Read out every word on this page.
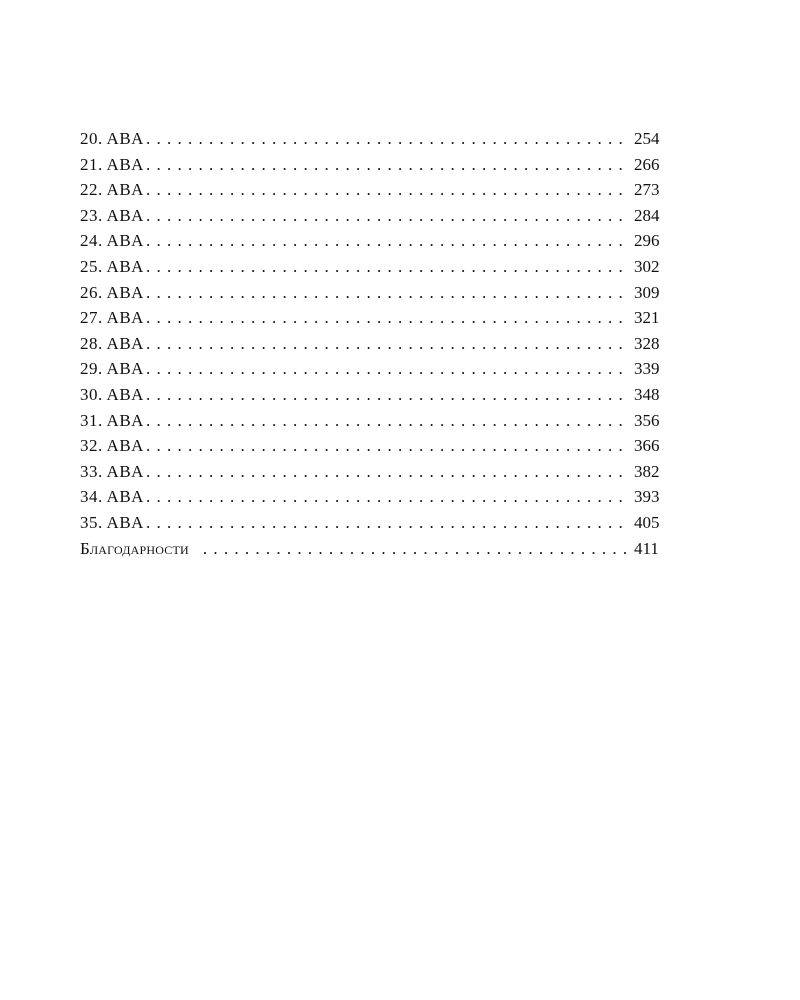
20. ABA . . .	254
21. ABA . . .	266
22. ABA . . .	273
23. ABA . . .	284
24. ABA . . .	296
25. ABA . . .	302
26. ABA . . .	309
27. ABA . . .	321
28. ABA . . .	328
29. ABA . . .	339
30. ABA . . .	348
31. ABA . . .	356
32. ABA . . .	366
33. ABA . . .	382
34. ABA . . .	393
35. ABA . . .	405
Благодарности . . .	411
